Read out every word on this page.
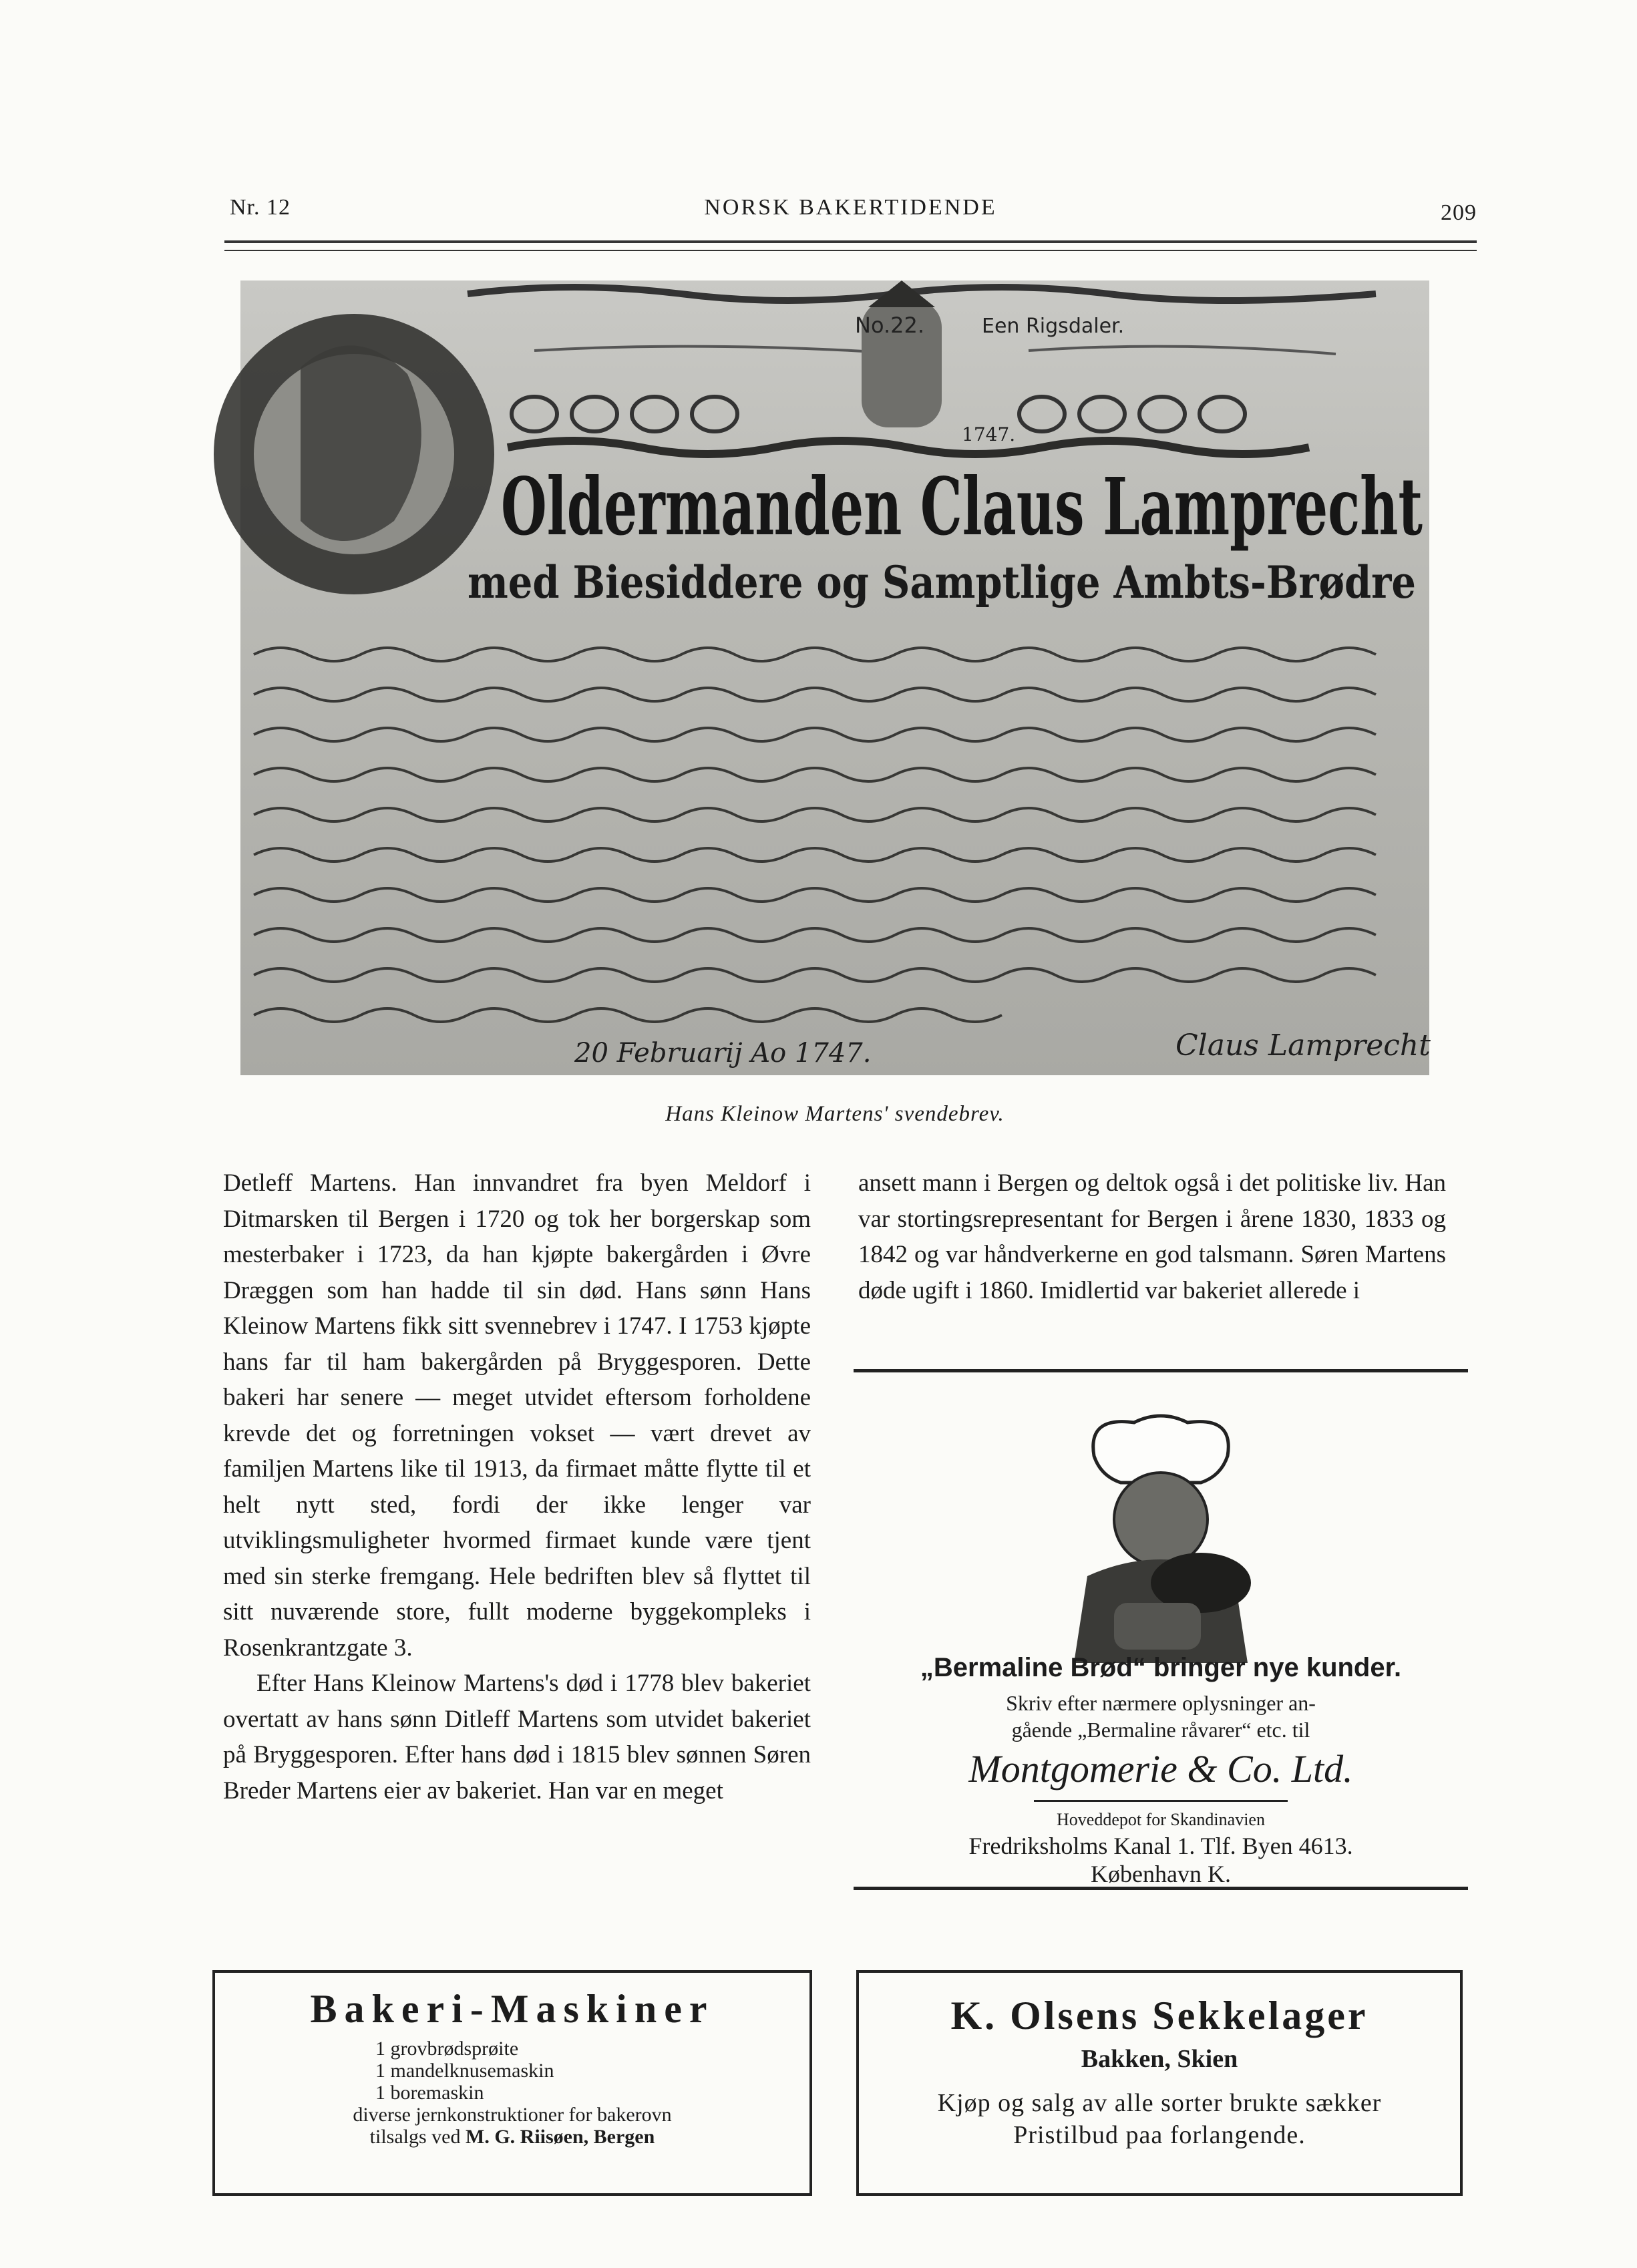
Nr. 12	NORSK BAKERTIDENDE	209
No.22.	Een Rigsdaler.
1747.
Oldermanden Claus Lamprecht
med Biesiddere og Samptlige Ambts-Brødre
20 Februarij Ao 1747.	Claus Lamprecht
Hans Kleinow Martens' svendebrev.

Detleff Martens. Han innvandret fra byen Meldorf i Ditmarsken til Bergen i 1720 og tok her borgerskap som mesterbaker i 1723, da han kjøpte bakergården i Øvre Dræggen som han hadde til sin død. Hans sønn Hans Kleinow Martens fikk sitt svennebrev i 1747. I 1753 kjøpte hans far til ham bakergården på Bryggesporen. Dette bakeri har senere — meget utvidet eftersom forholdene krevde det og forretningen vokset — vært drevet av familjen Martens like til 1913, da firmaet måtte flytte til et helt nytt sted, fordi der ikke lenger var utviklingsmuligheter hvormed firmaet kunde være tjent med sin sterke fremgang. Hele bedriften blev så flyttet til sitt nuværende store, fullt moderne byggekompleks i Rosenkrantzgate 3.

Efter Hans Kleinow Martens's død i 1778 blev bakeriet overtatt av hans sønn Ditleff Martens som utvidet bakeriet på Bryggesporen. Efter hans død i 1815 blev sønnen Søren Breder Martens eier av bakeriet. Han var en meget

ansett mann i Bergen og deltok også i det politiske liv. Han var stortingsrepresentant for Bergen i årene 1830, 1833 og 1842 og var håndverkerne en god talsmann. Søren Martens døde ugift i 1860. Imidlertid var bakeriet allerede i

„Bermaline Brød“ bringer nye kunder.
Skriv efter nærmere oplysninger an-
gående „Bermaline råvarer“ etc. til
Montgomerie & Co. Ltd.
Hoveddepot for Skandinavien
Fredriksholms Kanal 1. Tlf. Byen 4613.
København K.
Bakeri-Maskiner
1 grovbrødsprøite
1 mandelknusemaskin
1 boremaskin
diverse jernkonstruktioner for bakerovn
tilsalgs ved M. G. Riisøen, Bergen
K. Olsens Sekkelager
Bakken, Skien
Kjøp og salg av alle sorter brukte sækker
Pristilbud paa forlangende.
